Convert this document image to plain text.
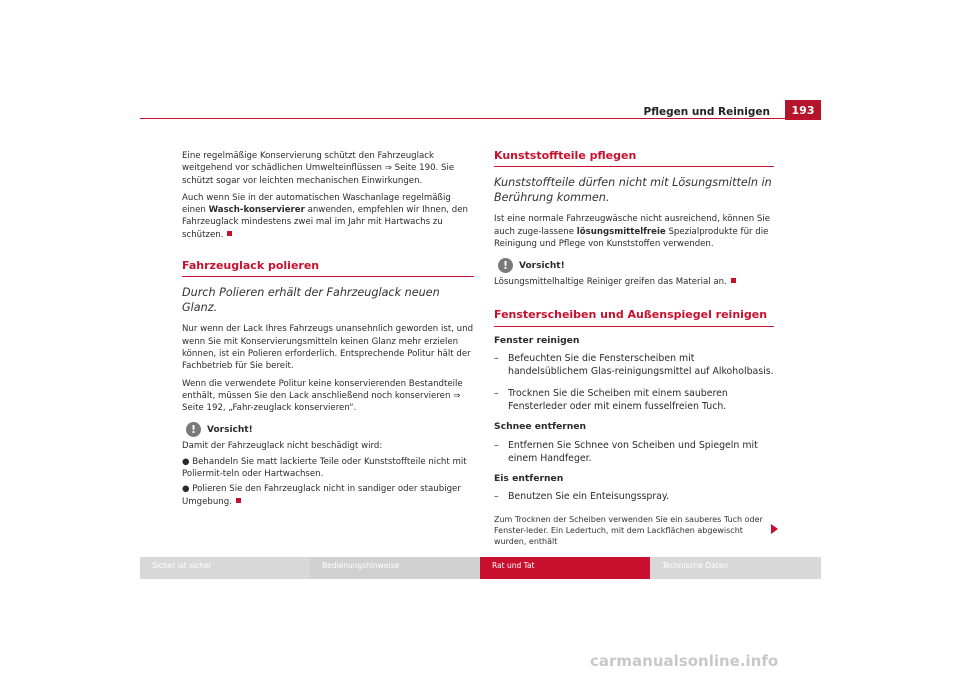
Pflegen und Reinigen	193

Eine regelmäßige Konservierung schützt den Fahrzeuglack weitgehend vor schädlichen Umwelteinflüssen ⇒ Seite 190. Sie schützt sogar vor leichten mechanischen Einwirkungen.

Auch wenn Sie in der automatischen Waschanlage regelmäßig einen Wasch-konservierer anwenden, empfehlen wir Ihnen, den Fahrzeuglack mindestens zwei mal im Jahr mit Hartwachs zu schützen.

Fahrzeuglack polieren
Durch Polieren erhält der Fahrzeuglack neuen Glanz.

Nur wenn der Lack Ihres Fahrzeugs unansehnlich geworden ist, und wenn Sie mit Konservierungsmitteln keinen Glanz mehr erzielen können, ist ein Polieren erforderlich. Entsprechende Politur hält der Fachbetrieb für Sie bereit.

Wenn die verwendete Politur keine konservierenden Bestandteile enthält, müssen Sie den Lack anschließend noch konservieren ⇒ Seite 192, „Fahr-zeuglack konservieren“.

!	Vorsicht!

Damit der Fahrzeuglack nicht beschädigt wird:

● Behandeln Sie matt lackierte Teile oder Kunststoffteile nicht mit Poliermit-teln oder Hartwachsen.
● Polieren Sie den Fahrzeuglack nicht in sandiger oder staubiger Umgebung.
Kunststoffteile pflegen
Kunststoffteile dürfen nicht mit Lösungsmitteln in Berührung kommen.

Ist eine normale Fahrzeugwäsche nicht ausreichend, können Sie auch zuge-lassene lösungsmittelfreie Spezialprodukte für die Reinigung und Pflege von Kunststoffen verwenden.

!	Vorsicht!

Lösungsmittelhaltige Reiniger greifen das Material an.

Fensterscheiben und Außenspiegel reinigen
Fenster reinigen
– Befeuchten Sie die Fensterscheiben mit handelsüblichem Glas-reinigungsmittel auf Alkoholbasis.
– Trocknen Sie die Scheiben mit einem sauberen Fensterleder oder mit einem fusselfreien Tuch.
Schnee entfernen
– Entfernen Sie Schnee von Scheiben und Spiegeln mit einem Handfeger.
Eis entfernen
– Benutzen Sie ein Enteisungsspray.
Zum Trocknen der Scheiben verwenden Sie ein sauberes Tuch oder Fenster-leder. Ein Ledertuch, mit dem Lackflächen abgewischt wurden, enthält
Sicher ist sicher	Bedienungshinweise	Rat und Tat	Technische Daten
carmanualsonline.info
